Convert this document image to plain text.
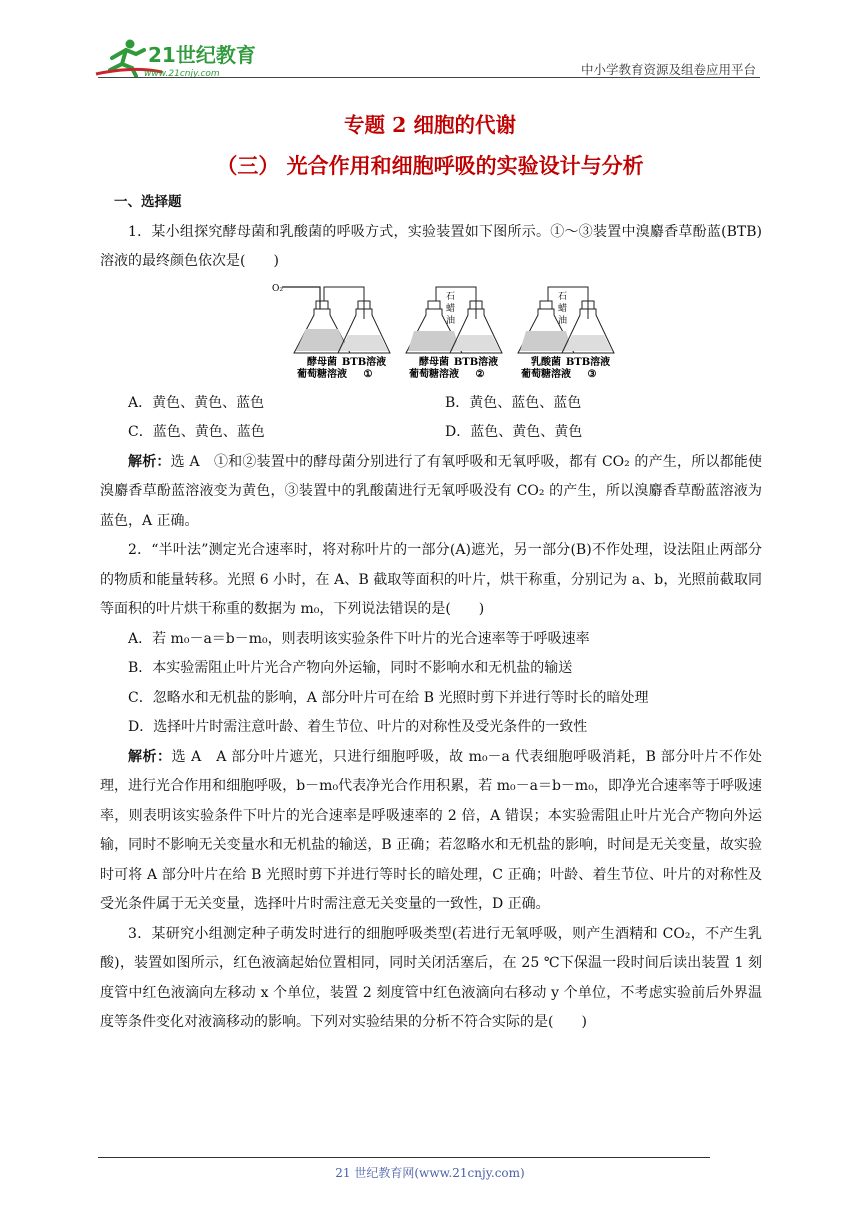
21世纪教育
www.21cnjy.com	中小学教育资源及组卷应用平台
专题 2 细胞的代谢
（三） 光合作用和细胞呼吸的实验设计与分析

一、选择题

1．某小组探究酵母菌和乳酸菌的呼吸方式，实验装置如下图所示。①～③装置中溴麝香草酚蓝(BTB)溶液的最终颜色依次是(　　)

O₂
石
蜡
油
石
蜡
油
酵母菌 BTB溶液	酵母菌 BTB溶液	乳酸菌 BTB溶液
葡萄糖溶液 ①	葡萄糖溶液 ②	葡萄糖溶液 ③
A．黄色、黄色、蓝色	B．黄色、蓝色、蓝色
C．蓝色、黄色、蓝色	D．蓝色、黄色、黄色

解析：选 A　①和②装置中的酵母菌分别进行了有氧呼吸和无氧呼吸，都有 CO₂ 的产生，所以都能使溴麝香草酚蓝溶液变为黄色，③装置中的乳酸菌进行无氧呼吸没有 CO₂ 的产生，所以溴麝香草酚蓝溶液为蓝色，A 正确。

2．“半叶法”测定光合速率时，将对称叶片的一部分(A)遮光，另一部分(B)不作处理，设法阻止两部分的物质和能量转移。光照 6 小时，在 A、B 截取等面积的叶片，烘干称重，分别记为 a、b，光照前截取同等面积的叶片烘干称重的数据为 m₀，下列说法错误的是(　　)

A．若 m₀－a＝b－m₀，则表明该实验条件下叶片的光合速率等于呼吸速率

B．本实验需阻止叶片光合产物向外运输，同时不影响水和无机盐的输送

C．忽略水和无机盐的影响，A 部分叶片可在给 B 光照时剪下并进行等时长的暗处理

D．选择叶片时需注意叶龄、着生节位、叶片的对称性及受光条件的一致性

解析：选 A　A 部分叶片遮光，只进行细胞呼吸，故 m₀－a 代表细胞呼吸消耗，B 部分叶片不作处理，进行光合作用和细胞呼吸，b－m₀代表净光合作用积累，若 m₀－a＝b－m₀，即净光合速率等于呼吸速率，则表明该实验条件下叶片的光合速率是呼吸速率的 2 倍，A 错误；本实验需阻止叶片光合产物向外运输，同时不影响无关变量水和无机盐的输送，B 正确；若忽略水和无机盐的影响，时间是无关变量，故实验时可将 A 部分叶片在给 B 光照时剪下并进行等时长的暗处理，C 正确；叶龄、着生节位、叶片的对称性及受光条件属于无关变量，选择叶片时需注意无关变量的一致性，D 正确。

3．某研究小组测定种子萌发时进行的细胞呼吸类型(若进行无氧呼吸，则产生酒精和 CO₂，不产生乳酸)，装置如图所示，红色液滴起始位置相同，同时关闭活塞后，在 25 ℃下保温一段时间后读出装置 1 刻度管中红色液滴向左移动 x 个单位，装置 2 刻度管中红色液滴向右移动 y 个单位，不考虑实验前后外界温度等条件变化对液滴移动的影响。下列对实验结果的分析不符合实际的是(　　)

21 世纪教育网(www.21cnjy.com)
